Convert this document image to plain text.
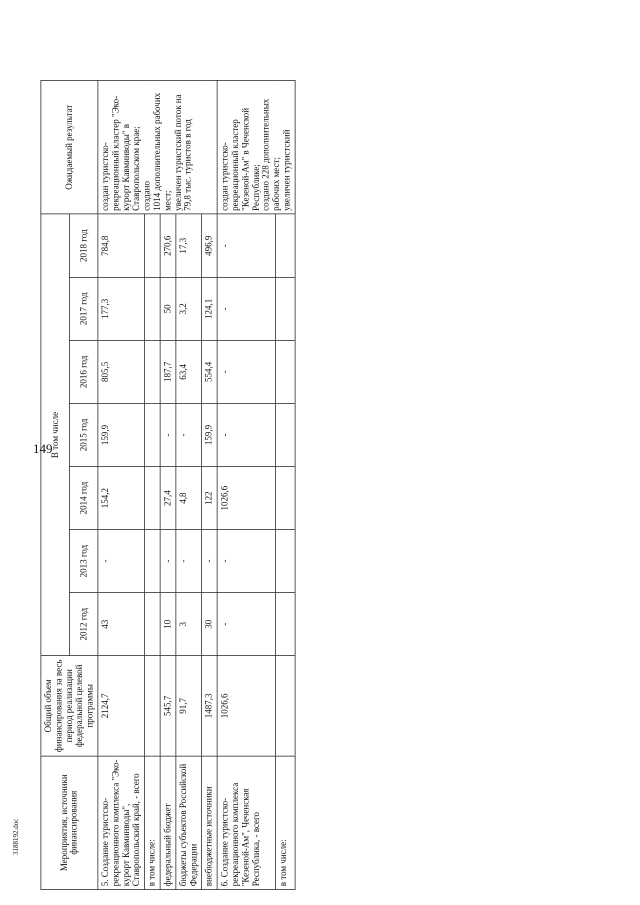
149
3188192.doc	Мероприятия, источники финансирования	Общий объем финансирования за весь период реализации федеральной целевой программы	В том числе							Ожидаемый результат
		2012 год	2013 год	2014 год	2015 год	2016 год	2017 год	2018 год	
5. Создание туристско-рекреационного комплекса "Эко-курорт Кавминводы", Ставропольский край, - всего	2124,7	43	-	154,2	159,9	805,5	177,3	784,8	создан туристско-рекреационный кластер "Эко-курорт Кавминводы" в Ставропольском крае;
создано
1014 дополнительных рабочих мест;
увеличен туристский поток на 79,8 тыс. туристов в год
в том числе:									
федеральный бюджет	545,7	10	-	27,4	-	187,7	50	270,6	
бюджеты субъектов Российской Федерации	91,7	3	-	4,8	-	63,4	3,2	17,3	
внебюджетные источники	1487,3	30	-	122	159,9	554,4	124,1	496,9	
6. Создание туристско-рекреационного комплекса "Кезеной-Ам", Чеченская Республика, - всего	1026,6	-	-	1026,6	-	-	-	-	создан туристско-рекреационный кластер "Кезеной-Ам" в Чеченской Республике;
создано 228 дополнительных рабочих мест;
увеличен туристский
в том числе:									
